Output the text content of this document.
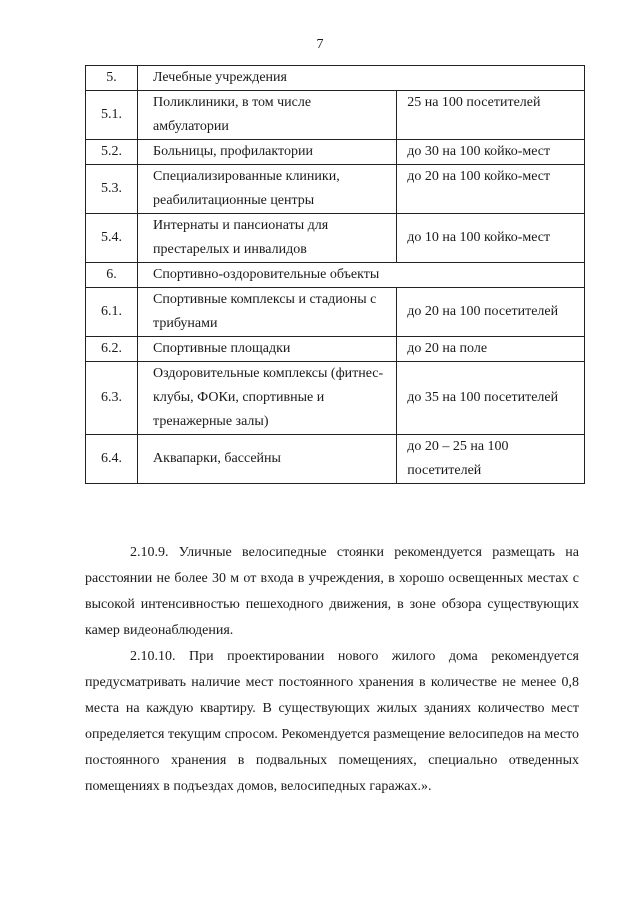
7
5.	Лечебные учреждения	
5.1.	Поликлиники, в том числе амбулатории	25 на 100 посетителей
5.2.	Больницы, профилактории	до 30 на 100 койко-мест
5.3.	Специализированные клиники, реабилитационные центры	до 20 на 100 койко-мест
5.4.	Интернаты и пансионаты для престарелых и инвалидов	до 10 на 100 койко-мест
6.	Спортивно-оздоровительные объекты	
6.1.	Спортивные комплексы и стадионы с трибунами	до 20 на 100 посетителей
6.2.	Спортивные площадки	до 20 на поле
6.3.	Оздоровительные комплексы (фитнес-клубы, ФОКи, спортивные и тренажерные залы)	до 35 на 100 посетителей
6.4.	Аквапарки, бассейны	до 20 – 25 на 100 посетителей

2.10.9. Уличные велосипедные стоянки рекомендуется размещать на расстоянии не более 30 м от входа в учреждения, в хорошо освещенных местах с высокой интенсивностью пешеходного движения, в зоне обзора существующих камер видеонаблюдения.

2.10.10. При проектировании нового жилого дома рекомендуется предусматривать наличие мест постоянного хранения в количестве не менее 0,8 места на каждую квартиру. В существующих жилых зданиях количество мест определяется текущим спросом. Рекомендуется размещение велосипедов на место постоянного хранения в подвальных помещениях, специально отведенных помещениях в подъездах домов, велосипедных гаражах.».
